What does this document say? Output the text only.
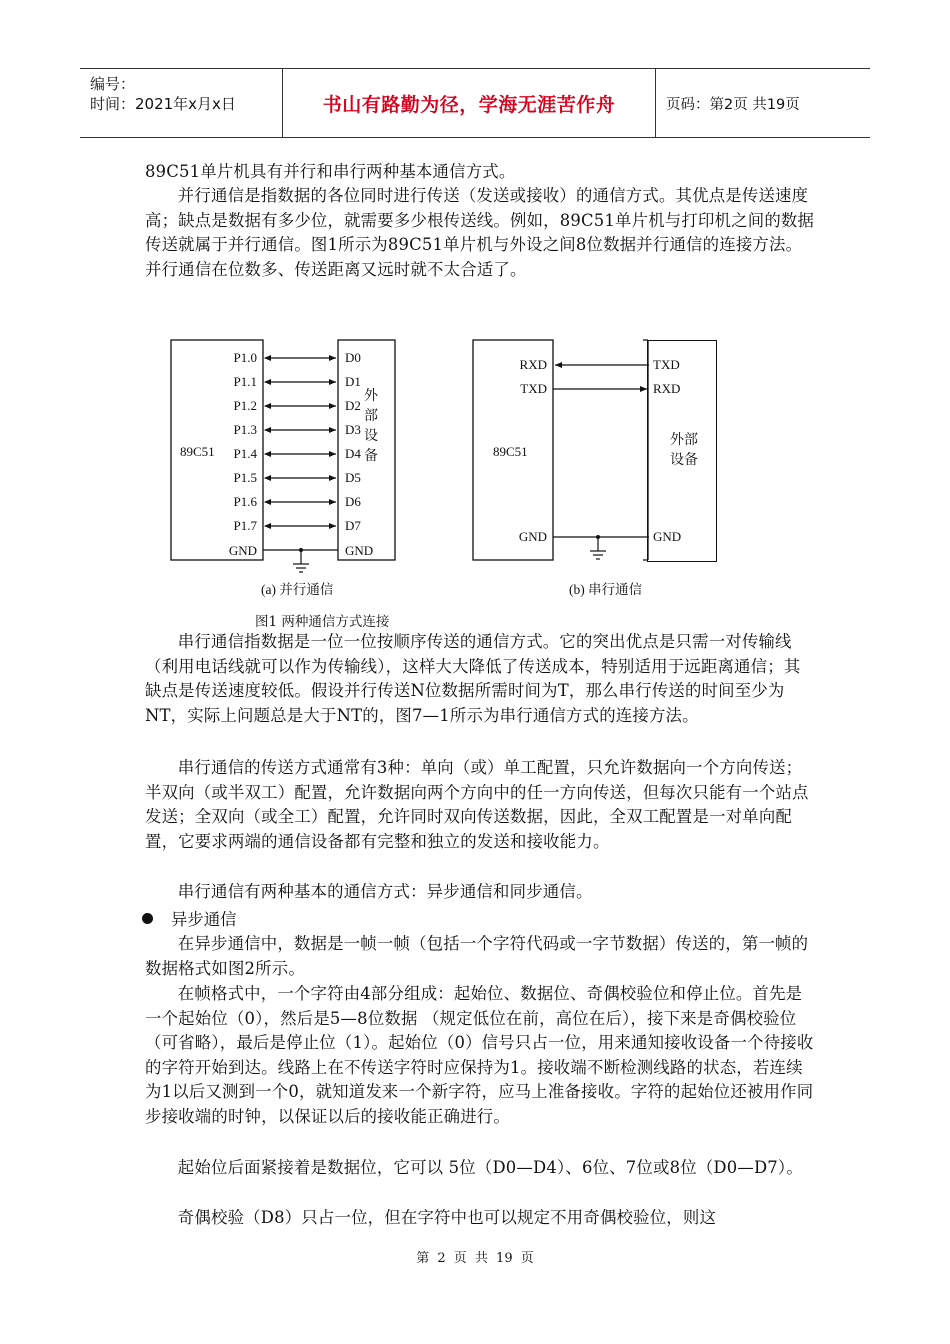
编号：
时间：2021年x月x日	书山有路勤为径，学海无涯苦作舟	页码：第2页 共19页

89C51单片机具有并行和串行两种基本通信方式。

并行通信是指数据的各位同时进行传送（发送或接收）的通信方式。其优点是传送速度高；缺点是数据有多少位，就需要多少根传送线。例如，89C51单片机与打印机之间的数据传送就属于并行通信。图1所示为89C51单片机与外设之间8位数据并行通信的连接方法。并行通信在位数多、传送距离又远时就不太合适了。

89C51
P1.0
P1.1
P1.2
P1.3
P1.4
P1.5
P1.6
P1.7
GND
D0
D1
D2
D3
D4
D5
D6
D7
GND
外
部
设
备
(a) 并行通信
89C51
RXD
TXD
GND
TXD
RXD
GND
(b) 串行通信
外部
设备
图1 两种通信方式连接

串行通信指数据是一位一位按顺序传送的通信方式。它的突出优点是只需一对传输线（利用电话线就可以作为传输线），这样大大降低了传送成本，特别适用于远距离通信；其缺点是传送速度较低。假设并行传送N位数据所需时间为T，那么串行传送的时间至少为NT，实际上问题总是大于NT的，图7—1所示为串行通信方式的连接方法。

串行通信的传送方式通常有3种：单向（或）单工配置，只允许数据向一个方向传送；半双向（或半双工）配置，允许数据向两个方向中的任一方向传送，但每次只能有一个站点发送；全双向（或全工）配置，允许同时双向传送数据，因此，全双工配置是一对单向配置，它要求两端的通信设备都有完整和独立的发送和接收能力。

串行通信有两种基本的通信方式：异步通信和同步通信。

异步通信

在异步通信中，数据是一帧一帧（包括一个字符代码或一字节数据）传送的，第一帧的数据格式如图2所示。

在帧格式中，一个字符由4部分组成：起始位、数据位、奇偶校验位和停止位。首先是一个起始位（0），然后是5—8位数据 （规定低位在前，高位在后），接下来是奇偶校验位（可省略），最后是停止位（1）。起始位（0）信号只占一位，用来通知接收设备一个待接收的字符开始到达。线路上在不传送字符时应保持为1。接收端不断检测线路的状态，若连续为1以后又测到一个0，就知道发来一个新字符，应马上准备接收。字符的起始位还被用作同步接收端的时钟，以保证以后的接收能正确进行。

起始位后面紧接着是数据位，它可以 5位（D0—D4）、6位、7位或8位（D0—D7）。

奇偶校验（D8）只占一位，但在字符中也可以规定不用奇偶校验位，则这

第 2 页 共 19 页
